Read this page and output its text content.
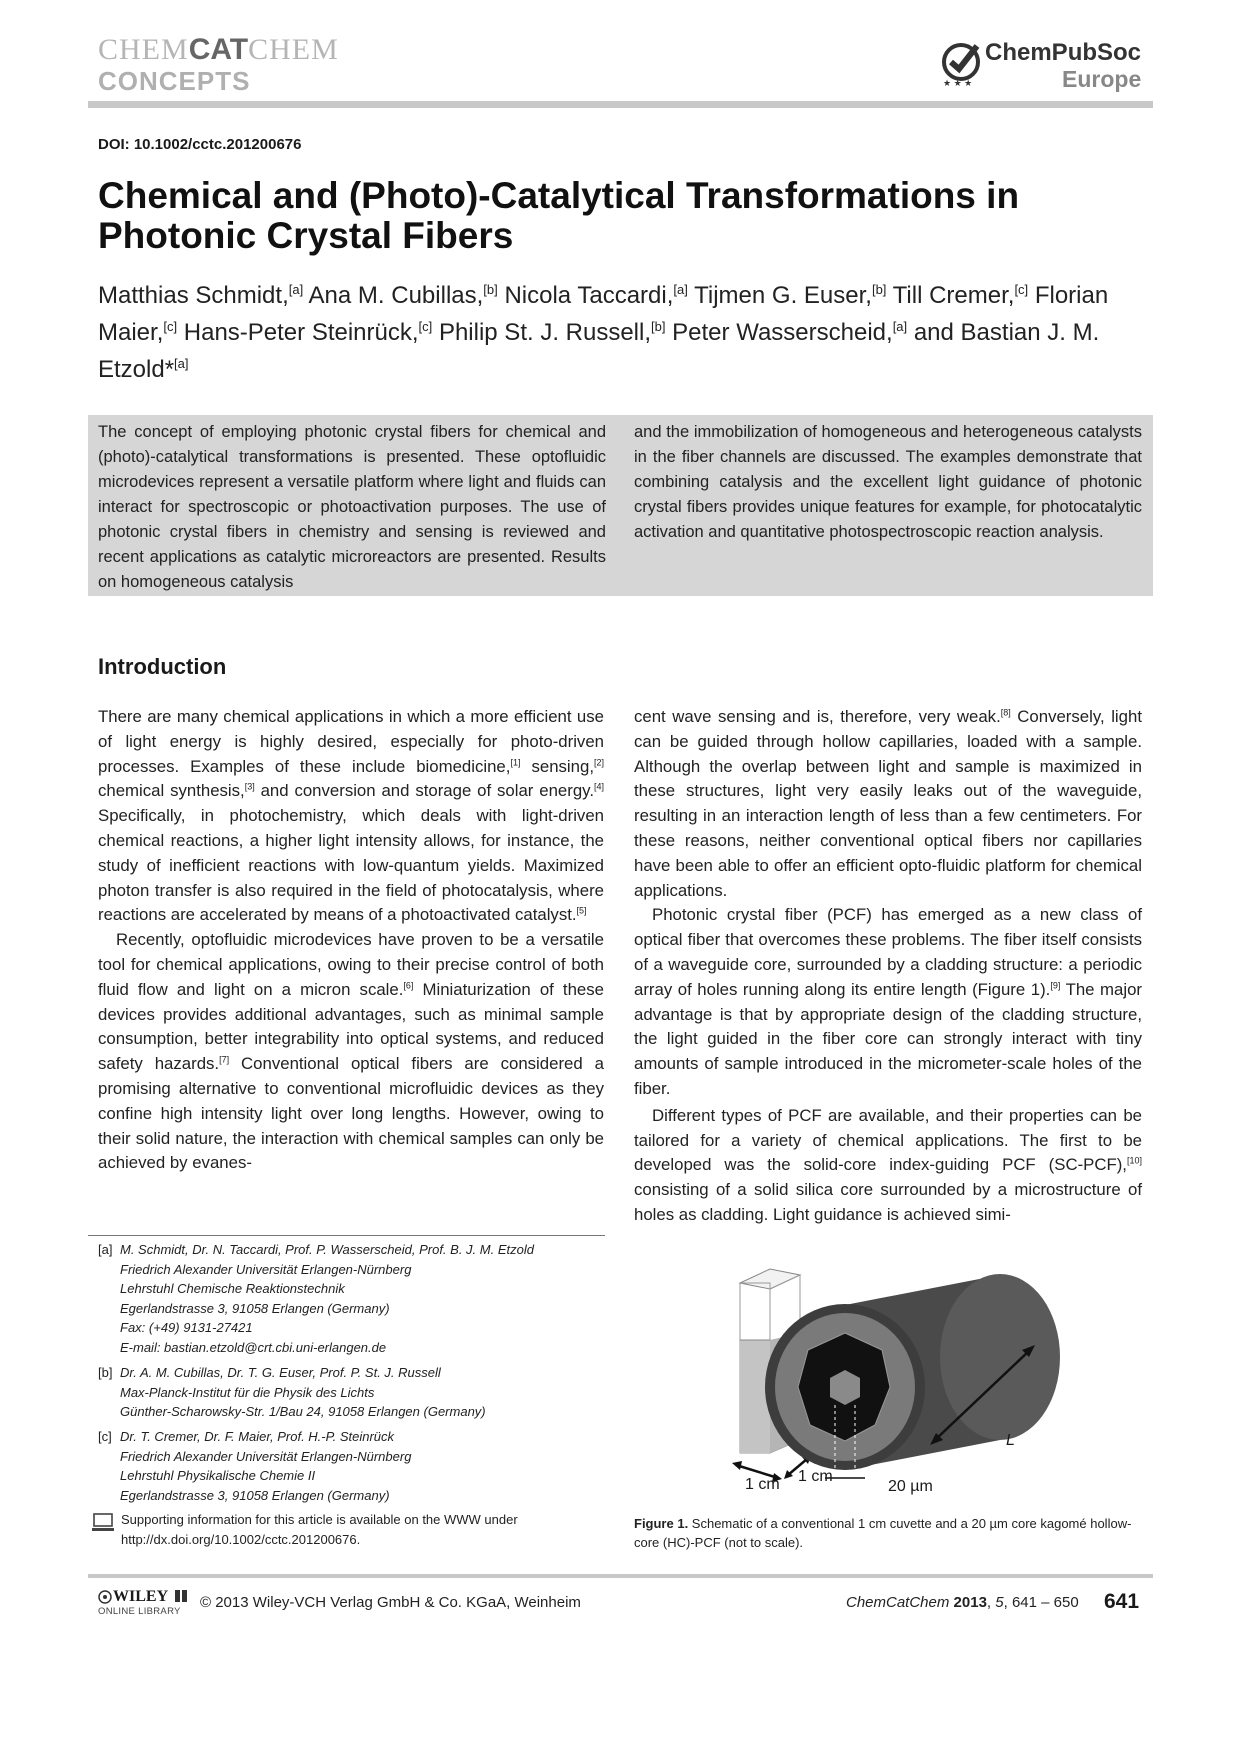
CHEMCATCHEM
CONCEPTS	★ ★ ★
ChemPubSoc
Europe
DOI: 10.1002/cctc.201200676
Chemical and (Photo)-Catalytical Transformations in Photonic Crystal Fibers
Matthias Schmidt,[a] Ana M. Cubillas,[b] Nicola Taccardi,[a] Tijmen G. Euser,[b] Till Cremer,[c] Florian Maier,[c] Hans-Peter Steinrück,[c] Philip St. J. Russell,[b] Peter Wasserscheid,[a] and Bastian J. M. Etzold*[a]
The concept of employing photonic crystal fibers for chemical and (photo)-catalytical transformations is presented. These optofluidic microdevices represent a versatile platform where light and fluids can interact for spectroscopic or photoactivation purposes. The use of photonic crystal fibers in chemistry and sensing is reviewed and recent applications as catalytic microreactors are presented. Results on homogeneous catalysis
and the immobilization of homogeneous and heterogeneous catalysts in the fiber channels are discussed. The examples demonstrate that combining catalysis and the excellent light guidance of photonic crystal fibers provides unique features for example, for photocatalytic activation and quantitative photospectroscopic reaction analysis.
Introduction

There are many chemical applications in which a more efficient use of light energy is highly desired, especially for photo-driven processes. Examples of these include biomedicine,[1] sensing,[2] chemical synthesis,[3] and conversion and storage of solar energy.[4] Specifically, in photochemistry, which deals with light-driven chemical reactions, a higher light intensity allows, for instance, the study of inefficient reactions with low-quantum yields. Maximized photon transfer is also required in the field of photocatalysis, where reactions are accelerated by means of a photoactivated catalyst.[5]

Recently, optofluidic microdevices have proven to be a versatile tool for chemical applications, owing to their precise control of both fluid flow and light on a micron scale.[6] Miniaturization of these devices provides additional advantages, such as minimal sample consumption, better integrability into optical systems, and reduced safety hazards.[7] Conventional optical fibers are considered a promising alternative to conventional microfluidic devices as they confine high intensity light over long lengths. However, owing to their solid nature, the interaction with chemical samples can only be achieved by evanes-

cent wave sensing and is, therefore, very weak.[8] Conversely, light can be guided through hollow capillaries, loaded with a sample. Although the overlap between light and sample is maximized in these structures, light very easily leaks out of the waveguide, resulting in an interaction length of less than a few centimeters. For these reasons, neither conventional optical fibers nor capillaries have been able to offer an efficient opto-fluidic platform for chemical applications.

Photonic crystal fiber (PCF) has emerged as a new class of optical fiber that overcomes these problems. The fiber itself consists of a waveguide core, surrounded by a cladding structure: a periodic array of holes running along its entire length (Figure 1).[9] The major advantage is that by appropriate design of the cladding structure, the light guided in the fiber core can strongly interact with tiny amounts of sample introduced in the micrometer-scale holes of the fiber.

Different types of PCF are available, and their properties can be tailored for a variety of chemical applications. The first to be developed was the solid-core index-guiding PCF (SC-PCF),[10] consisting of a solid silica core surrounded by a microstructure of holes as cladding. Light guidance is achieved simi-

[a] M. Schmidt, Dr. N. Taccardi, Prof. P. Wasserscheid, Prof. B. J. M. Etzold
Friedrich Alexander Universität Erlangen-Nürnberg
Lehrstuhl Chemische Reaktionstechnik
Egerlandstrasse 3, 91058 Erlangen (Germany)
Fax: (+49) 9131-27421
E-mail: bastian.etzold@crt.cbi.uni-erlangen.de
[b] Dr. A. M. Cubillas, Dr. T. G. Euser, Prof. P. St. J. Russell
Max-Planck-Institut für die Physik des Lichts
Günther-Scharowsky-Str. 1/Bau 24, 91058 Erlangen (Germany)
[c] Dr. T. Cremer, Dr. F. Maier, Prof. H.-P. Steinrück
Friedrich Alexander Universität Erlangen-Nürnberg
Lehrstuhl Physikalische Chemie II
Egerlandstrasse 3, 91058 Erlangen (Germany)
Supporting information for this article is available on the WWW under
http://dx.doi.org/10.1002/cctc.201200676.
1 cm 1 cm
20 µm
L
Figure 1. Schematic of a conventional 1 cm cuvette and a 20 µm core kagomé hollow-core (HC)-PCF (not to scale).
WILEY
ONLINE LIBRARY
© 2013 Wiley-VCH Verlag GmbH & Co. KGaA, Weinheim	ChemCatChem 2013, 5, 641 – 650 641
